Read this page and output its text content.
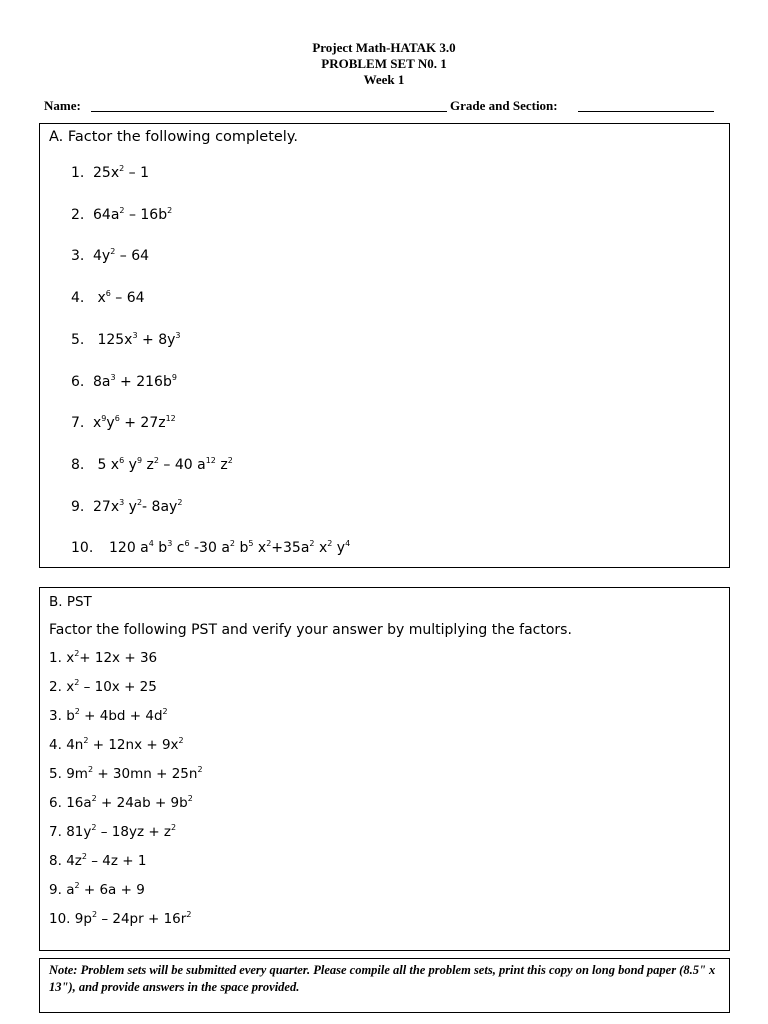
Project Math-HATAK 3.0
PROBLEM SET N0. 1
Week 1
Name:	Grade and Section:
A. Factor the following completely.
1. $25x^2 - 1$
2. $64a^2 - 16b^2$
3. $4y^2 - 64$
4. $x^6 - 64$
5. $125x^3 + 8y^3$
6. $8a^3 + 216b^9$
7. $x^9y^6 + 27z^{12}$
8. 5 $x^6$ $y^9$ $z^2 - 40$ $a^{12}$ $z^2$
9. $27x^3$ $y^2-$ $8ay^2$
10. 120 $a^4$ $b^3$ $c^6$ -30 $a^2$ $b^5$ $x^2+35a^2$ $x^2$ $y^4$
B. PST
Factor the following PST and verify your answer by multiplying the factors.
1. $x^2+ 12x + 36$
2. $x^2 - 10x + 25$
3. $b^2 + 4bd + 4d^2$
4. $4n^2 + 12nx + 9x^2$
5. $9m^2 + 30mn + 25n^2$
6. $16a^2 + 24ab + 9b^2$
7. $81y^2 - 18yz + z^2$
8. $4z^2 - 4z + 1$
9. $a^2 + 6a + 9$
10. $9p^2 - 24pr + 16r^2$
Note: Problem sets will be submitted every quarter. Please compile all the problem sets, print this copy on long bond paper (8.5" x 13"), and provide answers in the space provided.
